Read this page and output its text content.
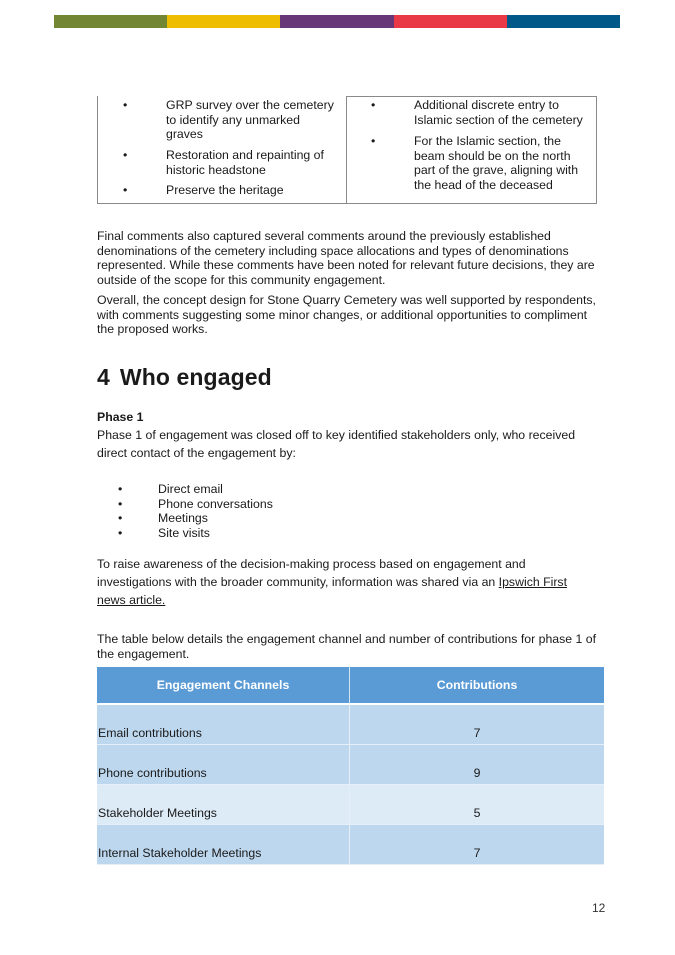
•	GRP survey over the cemetery
to identify any unmarked
graves
•	Restoration and repainting of
historic headstone
•	Preserve the heritage
•	Additional discrete entry to
Islamic section of the cemetery
•	For the Islamic section, the
beam should be on the north
part of the grave, aligning with
the head of the deceased
Final comments also captured several comments around the previously established
denominations of the cemetery including space allocations and types of denominations
represented. While these comments have been noted for relevant future decisions, they are
outside of the scope for this community engagement.
Overall, the concept design for Stone Quarry Cemetery was well supported by respondents,
with comments suggesting some minor changes, or additional opportunities to compliment
the proposed works.
4 Who engaged
Phase 1
Phase 1 of engagement was closed off to key identified stakeholders only, who received
direct contact of the engagement by:
•	Direct email
•	Phone conversations
•	Meetings
•	Site visits
To raise awareness of the decision-making process based on engagement and
investigations with the broader community, information was shared via an Ipswich First
news article.
The table below details the engagement channel and number of contributions for phase 1 of
the engagement.
Engagement Channels	Contributions
Email contributions	7
Phone contributions	9
Stakeholder Meetings	5
Internal Stakeholder Meetings	7
12
